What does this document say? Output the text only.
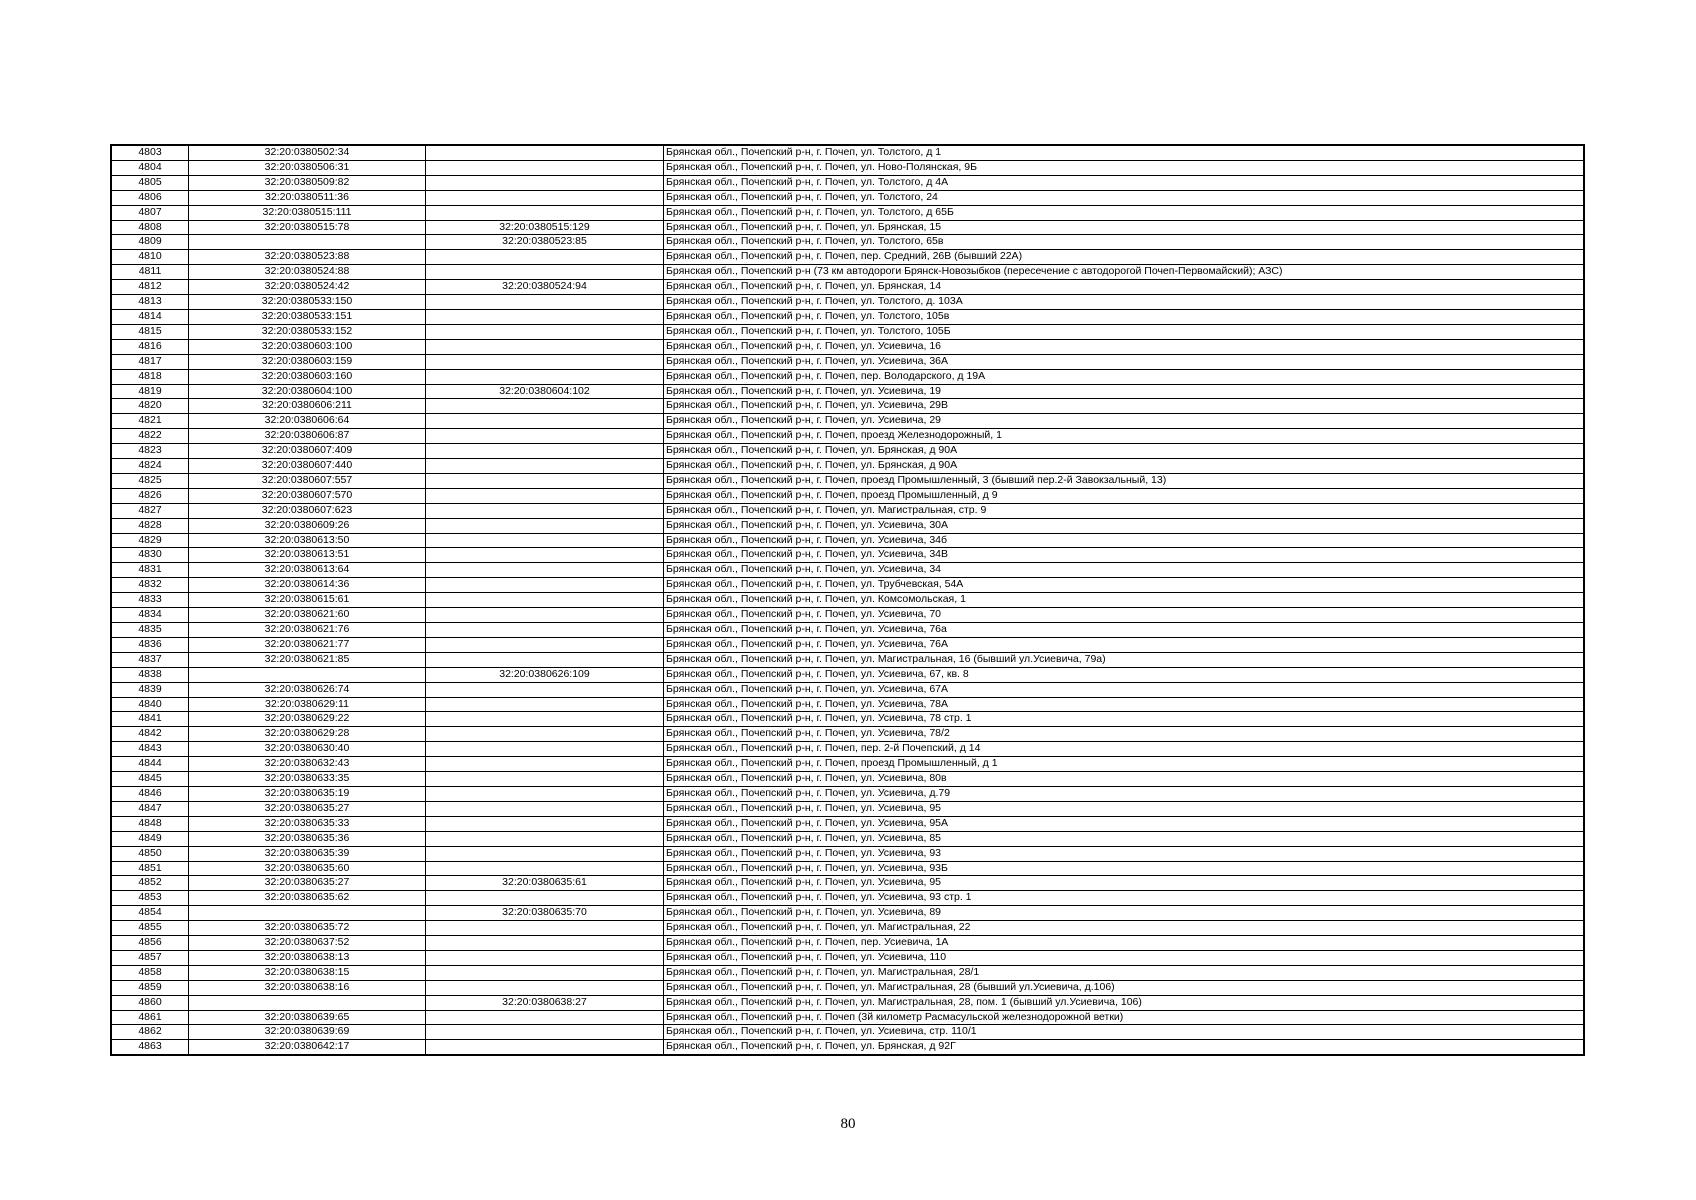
4803	32:20:0380502:34		Брянская обл., Почепский р-н, г. Почеп, ул. Толстого, д 1
4804	32:20:0380506:31		Брянская обл., Почепский р-н, г. Почеп, ул. Ново-Полянская, 9Б
4805	32:20:0380509:82		Брянская обл., Почепский р-н, г. Почеп, ул. Толстого, д 4А
4806	32:20:0380511:36		Брянская обл., Почепский р-н, г. Почеп, ул. Толстого, 24
4807	32:20:0380515:111		Брянская обл., Почепский р-н, г. Почеп, ул. Толстого, д 65Б
4808	32:20:0380515:78	32:20:0380515:129	Брянская обл., Почепский р-н, г. Почеп, ул. Брянская, 15
4809		32:20:0380523:85	Брянская обл., Почепский р-н, г. Почеп, ул. Толстого, 65в
4810	32:20:0380523:88		Брянская обл., Почепский р-н, г. Почеп, пер. Средний, 26В (бывший 22А)
4811	32:20:0380524:88		Брянская обл., Почепский р-н (73 км автодороги Брянск-Новозыбков (пересечение с автодорогой Почеп-Первомайский); АЗС)
4812	32:20:0380524:42	32:20:0380524:94	Брянская обл., Почепский р-н, г. Почеп, ул. Брянская, 14
4813	32:20:0380533:150		Брянская обл., Почепский р-н, г. Почеп, ул. Толстого, д. 103А
4814	32:20:0380533:151		Брянская обл., Почепский р-н, г. Почеп, ул. Толстого, 105в
4815	32:20:0380533:152		Брянская обл., Почепский р-н, г. Почеп, ул. Толстого, 105Б
4816	32:20:0380603:100		Брянская обл., Почепский р-н, г. Почеп, ул. Усиевича, 16
4817	32:20:0380603:159		Брянская обл., Почепский р-н, г. Почеп, ул. Усиевича, 36А
4818	32:20:0380603:160		Брянская обл., Почепский р-н, г. Почеп, пер. Володарского, д 19А
4819	32:20:0380604:100	32:20:0380604:102	Брянская обл., Почепский р-н, г. Почеп, ул. Усиевича, 19
4820	32:20:0380606:211		Брянская обл., Почепский р-н, г. Почеп, ул. Усиевича, 29В
4821	32:20:0380606:64		Брянская обл., Почепский р-н, г. Почеп, ул. Усиевича, 29
4822	32:20:0380606:87		Брянская обл., Почепский р-н, г. Почеп, проезд Железнодорожный, 1
4823	32:20:0380607:409		Брянская обл., Почепский р-н, г. Почеп, ул. Брянская, д 90А
4824	32:20:0380607:440		Брянская обл., Почепский р-н, г. Почеп, ул. Брянская, д 90А
4825	32:20:0380607:557		Брянская обл., Почепский р-н, г. Почеп, проезд Промышленный, 3 (бывший пер.2-й Завокзальный, 13)
4826	32:20:0380607:570		Брянская обл., Почепский р-н, г. Почеп, проезд Промышленный, д 9
4827	32:20:0380607:623		Брянская обл., Почепский р-н, г. Почеп, ул. Магистральная, стр. 9
4828	32:20:0380609:26		Брянская обл., Почепский р-н, г. Почеп, ул. Усиевича, 30А
4829	32:20:0380613:50		Брянская обл., Почепский р-н, г. Почеп, ул. Усиевича, 34б
4830	32:20:0380613:51		Брянская обл., Почепский р-н, г. Почеп, ул. Усиевича, 34В
4831	32:20:0380613:64		Брянская обл., Почепский р-н, г. Почеп, ул. Усиевича, 34
4832	32:20:0380614:36		Брянская обл., Почепский р-н, г. Почеп, ул. Трубчевская, 54А
4833	32:20:0380615:61		Брянская обл., Почепский р-н, г. Почеп, ул. Комсомольская, 1
4834	32:20:0380621:60		Брянская обл., Почепский р-н, г. Почеп, ул. Усиевича, 70
4835	32:20:0380621:76		Брянская обл., Почепский р-н, г. Почеп, ул. Усиевича, 76а
4836	32:20:0380621:77		Брянская обл., Почепский р-н, г. Почеп, ул. Усиевича, 76А
4837	32:20:0380621:85		Брянская обл., Почепский р-н, г. Почеп, ул. Магистральная, 16 (бывший ул.Усиевича, 79а)
4838		32:20:0380626:109	Брянская обл., Почепский р-н, г. Почеп, ул. Усиевича, 67, кв. 8
4839	32:20:0380626:74		Брянская обл., Почепский р-н, г. Почеп, ул. Усиевича, 67А
4840	32:20:0380629:11		Брянская обл., Почепский р-н, г. Почеп, ул. Усиевича, 78А
4841	32:20:0380629:22		Брянская обл., Почепский р-н, г. Почеп, ул. Усиевича, 78 стр. 1
4842	32:20:0380629:28		Брянская обл., Почепский р-н, г. Почеп, ул. Усиевича, 78/2
4843	32:20:0380630:40		Брянская обл., Почепский р-н, г. Почеп, пер. 2-й Почепский, д 14
4844	32:20:0380632:43		Брянская обл., Почепский р-н, г. Почеп, проезд Промышленный, д 1
4845	32:20:0380633:35		Брянская обл., Почепский р-н, г. Почеп, ул. Усиевича, 80в
4846	32:20:0380635:19		Брянская обл., Почепский р-н, г. Почеп, ул. Усиевича, д.79
4847	32:20:0380635:27		Брянская обл., Почепский р-н, г. Почеп, ул. Усиевича, 95
4848	32:20:0380635:33		Брянская обл., Почепский р-н, г. Почеп, ул. Усиевича, 95А
4849	32:20:0380635:36		Брянская обл., Почепский р-н, г. Почеп, ул. Усиевича, 85
4850	32:20:0380635:39		Брянская обл., Почепский р-н, г. Почеп, ул. Усиевича, 93
4851	32:20:0380635:60		Брянская обл., Почепский р-н, г. Почеп, ул. Усиевича, 93Б
4852	32:20:0380635:27	32:20:0380635:61	Брянская обл., Почепский р-н, г. Почеп, ул. Усиевича, 95
4853	32:20:0380635:62		Брянская обл., Почепский р-н, г. Почеп, ул. Усиевича, 93 стр. 1
4854		32:20:0380635:70	Брянская обл., Почепский р-н, г. Почеп, ул. Усиевича, 89
4855	32:20:0380635:72		Брянская обл., Почепский р-н, г. Почеп, ул. Магистральная, 22
4856	32:20:0380637:52		Брянская обл., Почепский р-н, г. Почеп, пер. Усиевича, 1А
4857	32:20:0380638:13		Брянская обл., Почепский р-н, г. Почеп, ул. Усиевича, 110
4858	32:20:0380638:15		Брянская обл., Почепский р-н, г. Почеп, ул. Магистральная, 28/1
4859	32:20:0380638:16		Брянская обл., Почепский р-н, г. Почеп, ул. Магистральная, 28 (бывший ул.Усиевича, д.106)
4860		32:20:0380638:27	Брянская обл., Почепский р-н, г. Почеп, ул. Магистральная, 28, пом. 1 (бывший ул.Усиевича, 106)
4861	32:20:0380639:65		Брянская обл., Почепский р-н, г. Почеп (3й километр Расмасульской железнодорожной ветки)
4862	32:20:0380639:69		Брянская обл., Почепский р-н, г. Почеп, ул. Усиевича, стр. 110/1
4863	32:20:0380642:17		Брянская обл., Почепский р-н, г. Почеп, ул. Брянская, д 92Г
80
